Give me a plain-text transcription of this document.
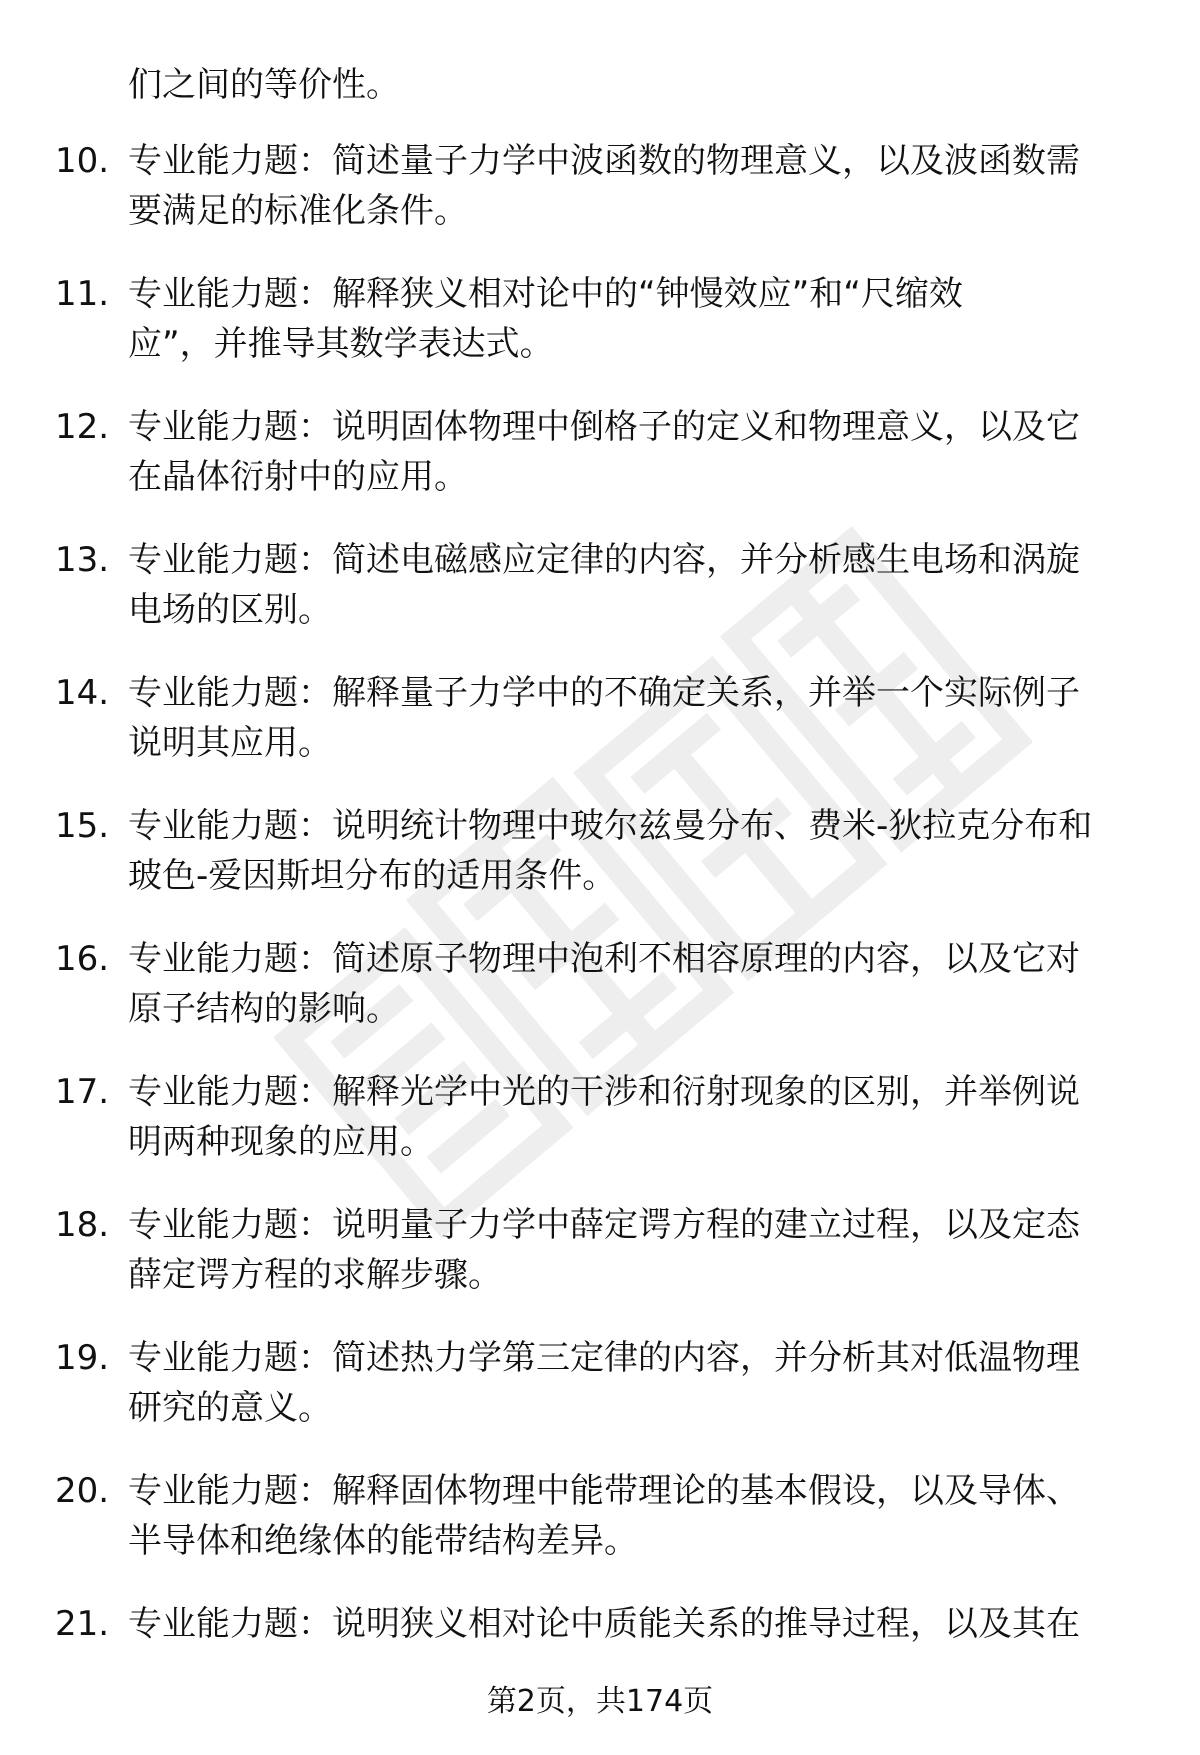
们之间的等价性。
10. 专业能力题：简述量子力学中波函数的物理意义，以及波函数需
要满足的标准化条件。
11. 专业能力题：解释狭义相对论中的“钟慢效应”和“尺缩效
应”，并推导其数学表达式。
12. 专业能力题：说明固体物理中倒格子的定义和物理意义，以及它
在晶体衍射中的应用。
13. 专业能力题：简述电磁感应定律的内容，并分析感生电场和涡旋
电场的区别。
14. 专业能力题：解释量子力学中的不确定关系，并举一个实际例子
说明其应用。
15. 专业能力题：说明统计物理中玻尔兹曼分布、费米-狄拉克分布和
玻色-爱因斯坦分布的适用条件。
16. 专业能力题：简述原子物理中泡利不相容原理的内容，以及它对
原子结构的影响。
17. 专业能力题：解释光学中光的干涉和衍射现象的区别，并举例说
明两种现象的应用。
18. 专业能力题：说明量子力学中薛定谔方程的建立过程，以及定态
薛定谔方程的求解步骤。
19. 专业能力题：简述热力学第三定律的内容，并分析其对低温物理
研究的意义。
20. 专业能力题：解释固体物理中能带理论的基本假设，以及导体、
半导体和绝缘体的能带结构差异。
21. 专业能力题：说明狭义相对论中质能关系的推导过程，以及其在
第2页，共174页
